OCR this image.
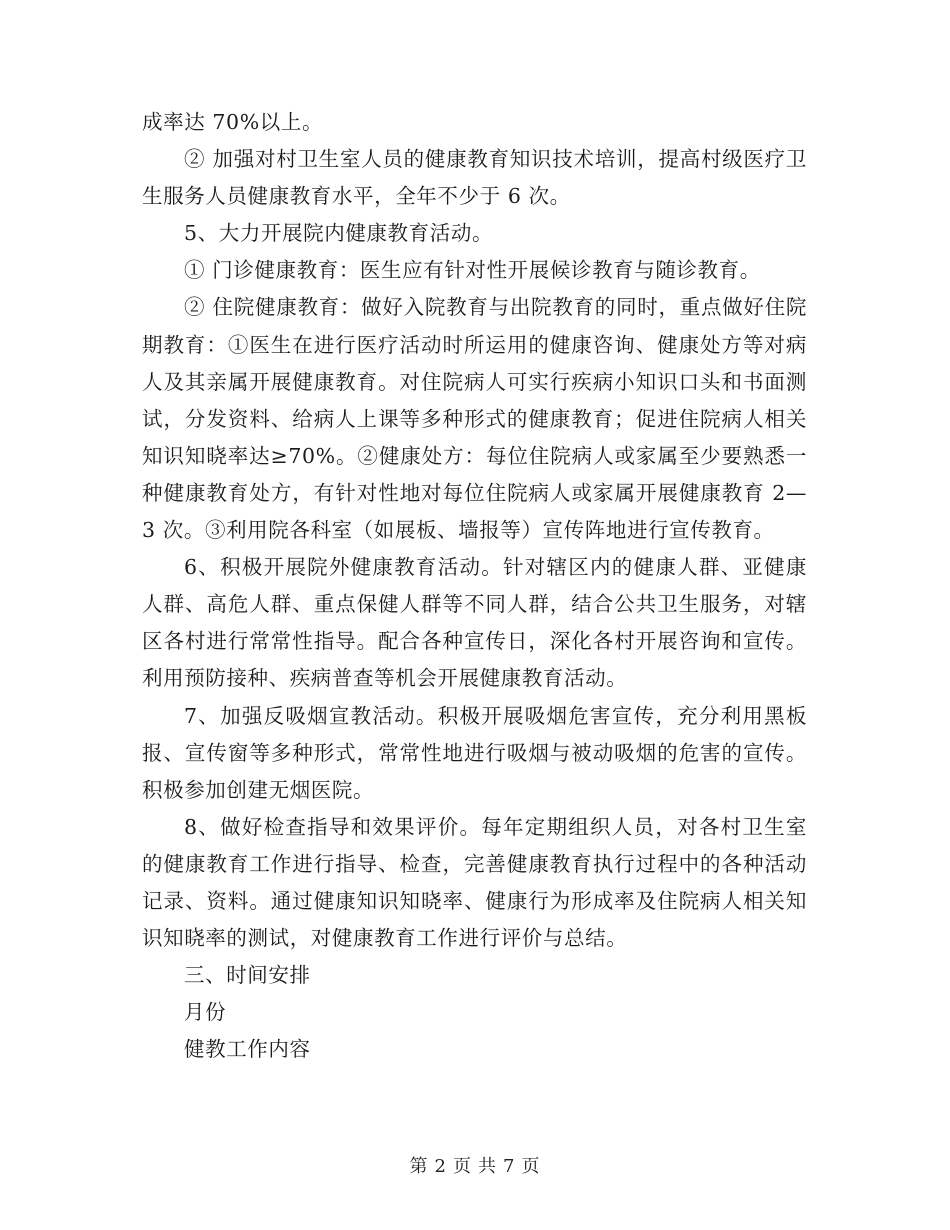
成率达 70%以上。

② 加强对村卫生室人员的健康教育知识技术培训，提高村级医疗卫生服务人员健康教育水平，全年不少于 6 次。

5、大力开展院内健康教育活动。

① 门诊健康教育：医生应有针对性开展候诊教育与随诊教育。

② 住院健康教育：做好入院教育与出院教育的同时，重点做好住院期教育：①医生在进行医疗活动时所运用的健康咨询、健康处方等对病人及其亲属开展健康教育。对住院病人可实行疾病小知识口头和书面测试，分发资料、给病人上课等多种形式的健康教育；促进住院病人相关知识知晓率达≥70%。②健康处方：每位住院病人或家属至少要熟悉一种健康教育处方，有针对性地对每位住院病人或家属开展健康教育 2—3 次。③利用院各科室（如展板、墙报等）宣传阵地进行宣传教育。

6、积极开展院外健康教育活动。针对辖区内的健康人群、亚健康人群、高危人群、重点保健人群等不同人群，结合公共卫生服务，对辖区各村进行常常性指导。配合各种宣传日，深化各村开展咨询和宣传。利用预防接种、疾病普查等机会开展健康教育活动。

7、加强反吸烟宣教活动。积极开展吸烟危害宣传，充分利用黑板报、宣传窗等多种形式，常常性地进行吸烟与被动吸烟的危害的宣传。积极参加创建无烟医院。

8、做好检查指导和效果评价。每年定期组织人员，对各村卫生室的健康教育工作进行指导、检查，完善健康教育执行过程中的各种活动记录、资料。通过健康知识知晓率、健康行为形成率及住院病人相关知识知晓率的测试，对健康教育工作进行评价与总结。

三、时间安排

月份

健教工作内容

第 2 页 共 7 页
